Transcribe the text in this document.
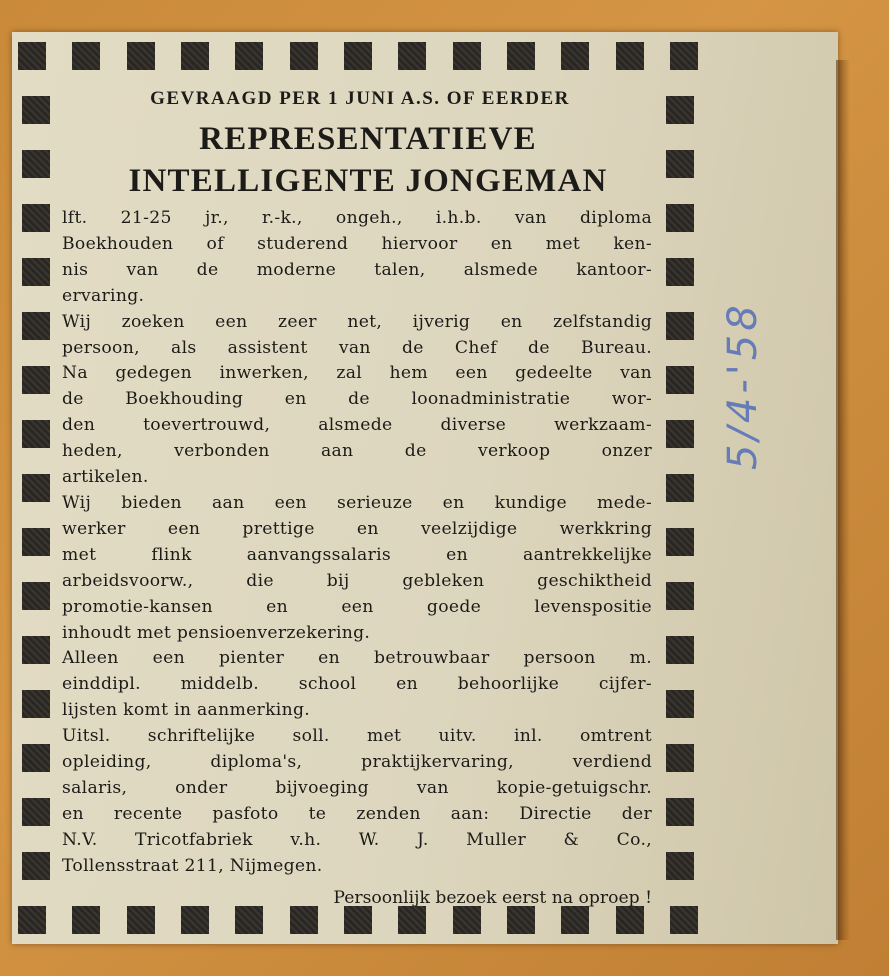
GEVRAAGD PER 1 JUNI A.S. OF EERDER
REPRESENTATIEVE
INTELLIGENTE JONGEMAN
lft. 21-25 jr., r.-k., ongeh., i.h.b. van diploma
Boekhouden of studerend hiervoor en met ken-
nis van de moderne talen, alsmede kantoor-
ervaring.
Wij zoeken een zeer net, ijverig en zelfstandig
persoon, als assistent van de Chef de Bureau.
Na gedegen inwerken, zal hem een gedeelte van
de Boekhouding en de loonadministratie wor-
den toevertrouwd, alsmede diverse werkzaam-
heden, verbonden aan de verkoop onzer
artikelen.
Wij bieden aan een serieuze en kundige mede-
werker een prettige en veelzijdige werkkring
met flink aanvangssalaris en aantrekkelijke
arbeidsvoorw., die bij gebleken geschiktheid
promotie-kansen en een goede levenspositie
inhoudt met pensioenverzekering.
Alleen een pienter en betrouwbaar persoon m.
einddipl. middelb. school en behoorlijke cijfer-
lijsten komt in aanmerking.
Uitsl. schriftelijke soll. met uitv. inl. omtrent
opleiding, diploma's, praktijkervaring, verdiend
salaris, onder bijvoeging van kopie-getuigschr.
en recente pasfoto te zenden aan: Directie der
N.V. Tricotfabriek v.h. W. J. Muller & Co.,
Tollensstraat 211, Nijmegen.
Persoonlijk bezoek eerst na oproep !
5/4-'58
